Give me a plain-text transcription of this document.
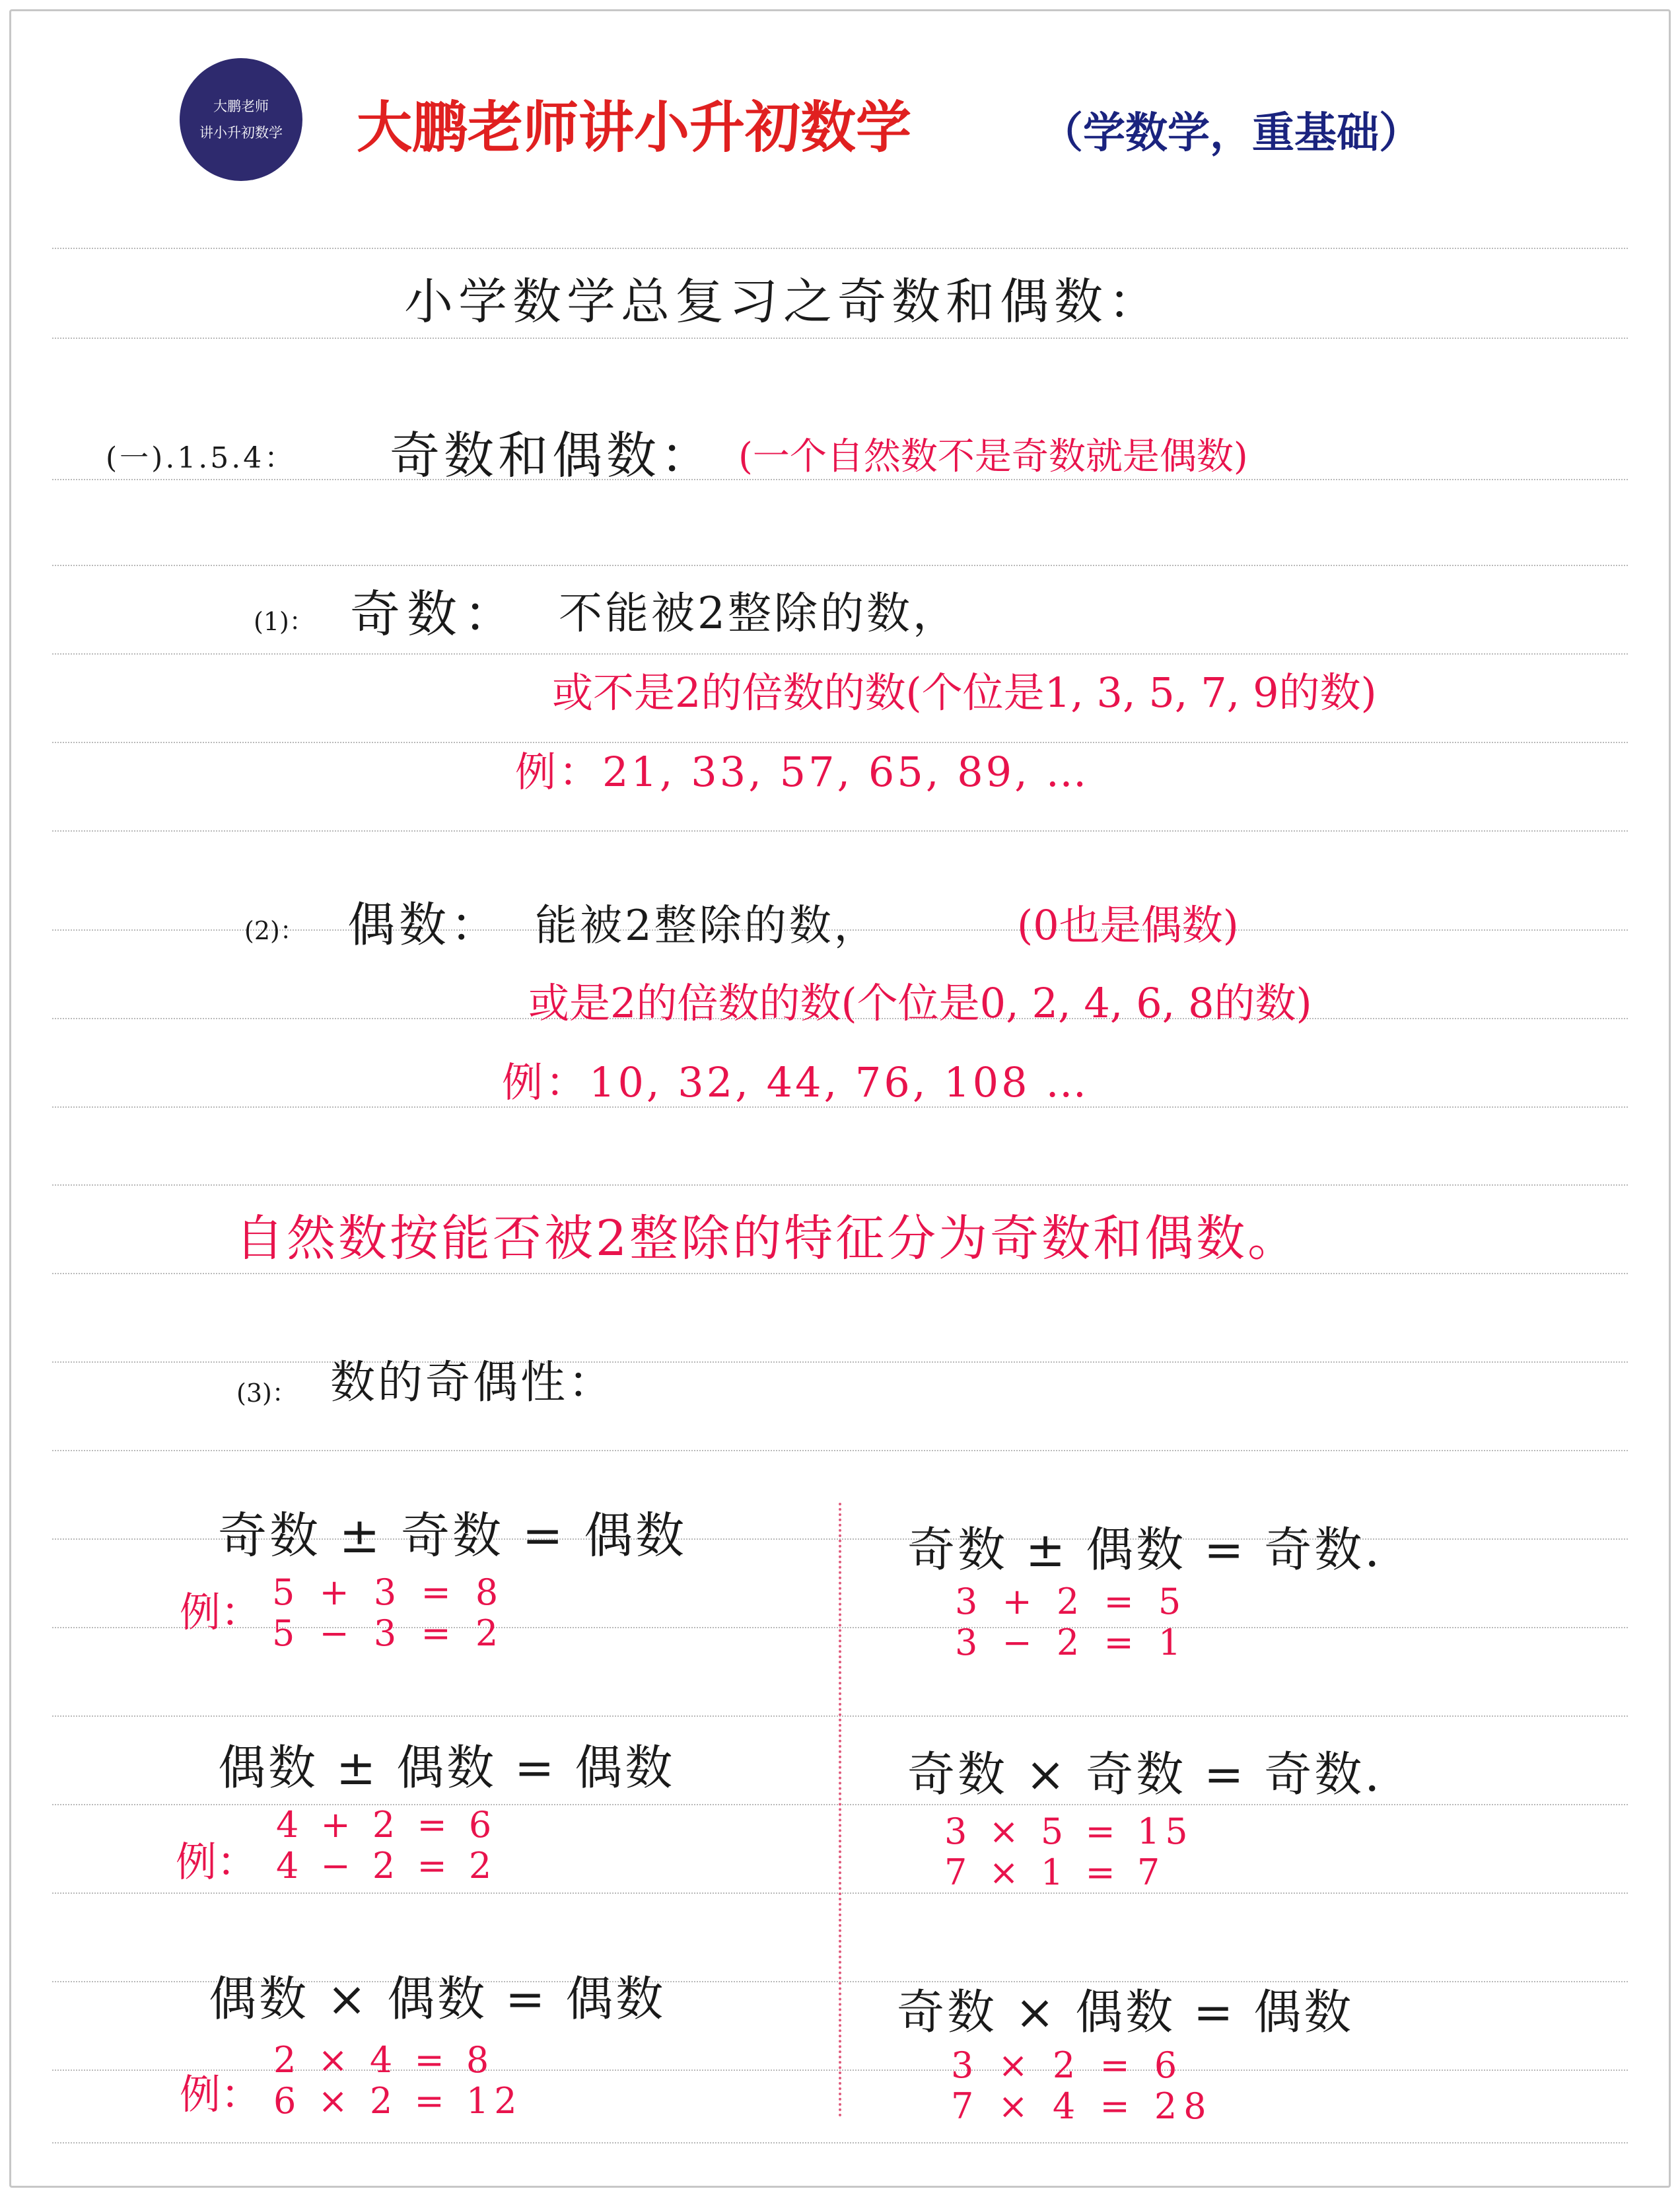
大鹏老师
讲小升初数学 大鹏老师讲小升初数学	（学数学，重基础）
小学数学总复习之奇数和偶数：
(一).1.5.4： 奇数和偶数： (一个自然数不是奇数就是偶数)
(1)： 奇数： 不能被2整除的数，
或不是2的倍数的数(个位是1, 3, 5, 7, 9的数)
例：21, 33, 57, 65, 89, …
(2)： 偶数： 能被2整除的数，	(0也是偶数)
或是2的倍数的数(个位是0, 2, 4, 6, 8的数)
例：10, 32, 44, 76, 108 …
自然数按能否被2整除的特征分为奇数和偶数。
(3)： 数的奇偶性：
奇数 ± 奇数 = 偶数
例： 5 + 3 = 8
5 − 3 = 2
偶数 ± 偶数 = 偶数
例：
4 + 2 = 6
4 − 2 = 2
偶数 × 偶数 = 偶数
例：
2 × 4 = 8
6 × 2 = 12
奇数 ± 偶数 = 奇数.
3 + 2 = 5
3 − 2 = 1
奇数 × 奇数 = 奇数.
3 × 5 = 15
7 × 1 = 7
奇数 × 偶数 = 偶数
3 × 2 = 6
7 × 4 = 28
